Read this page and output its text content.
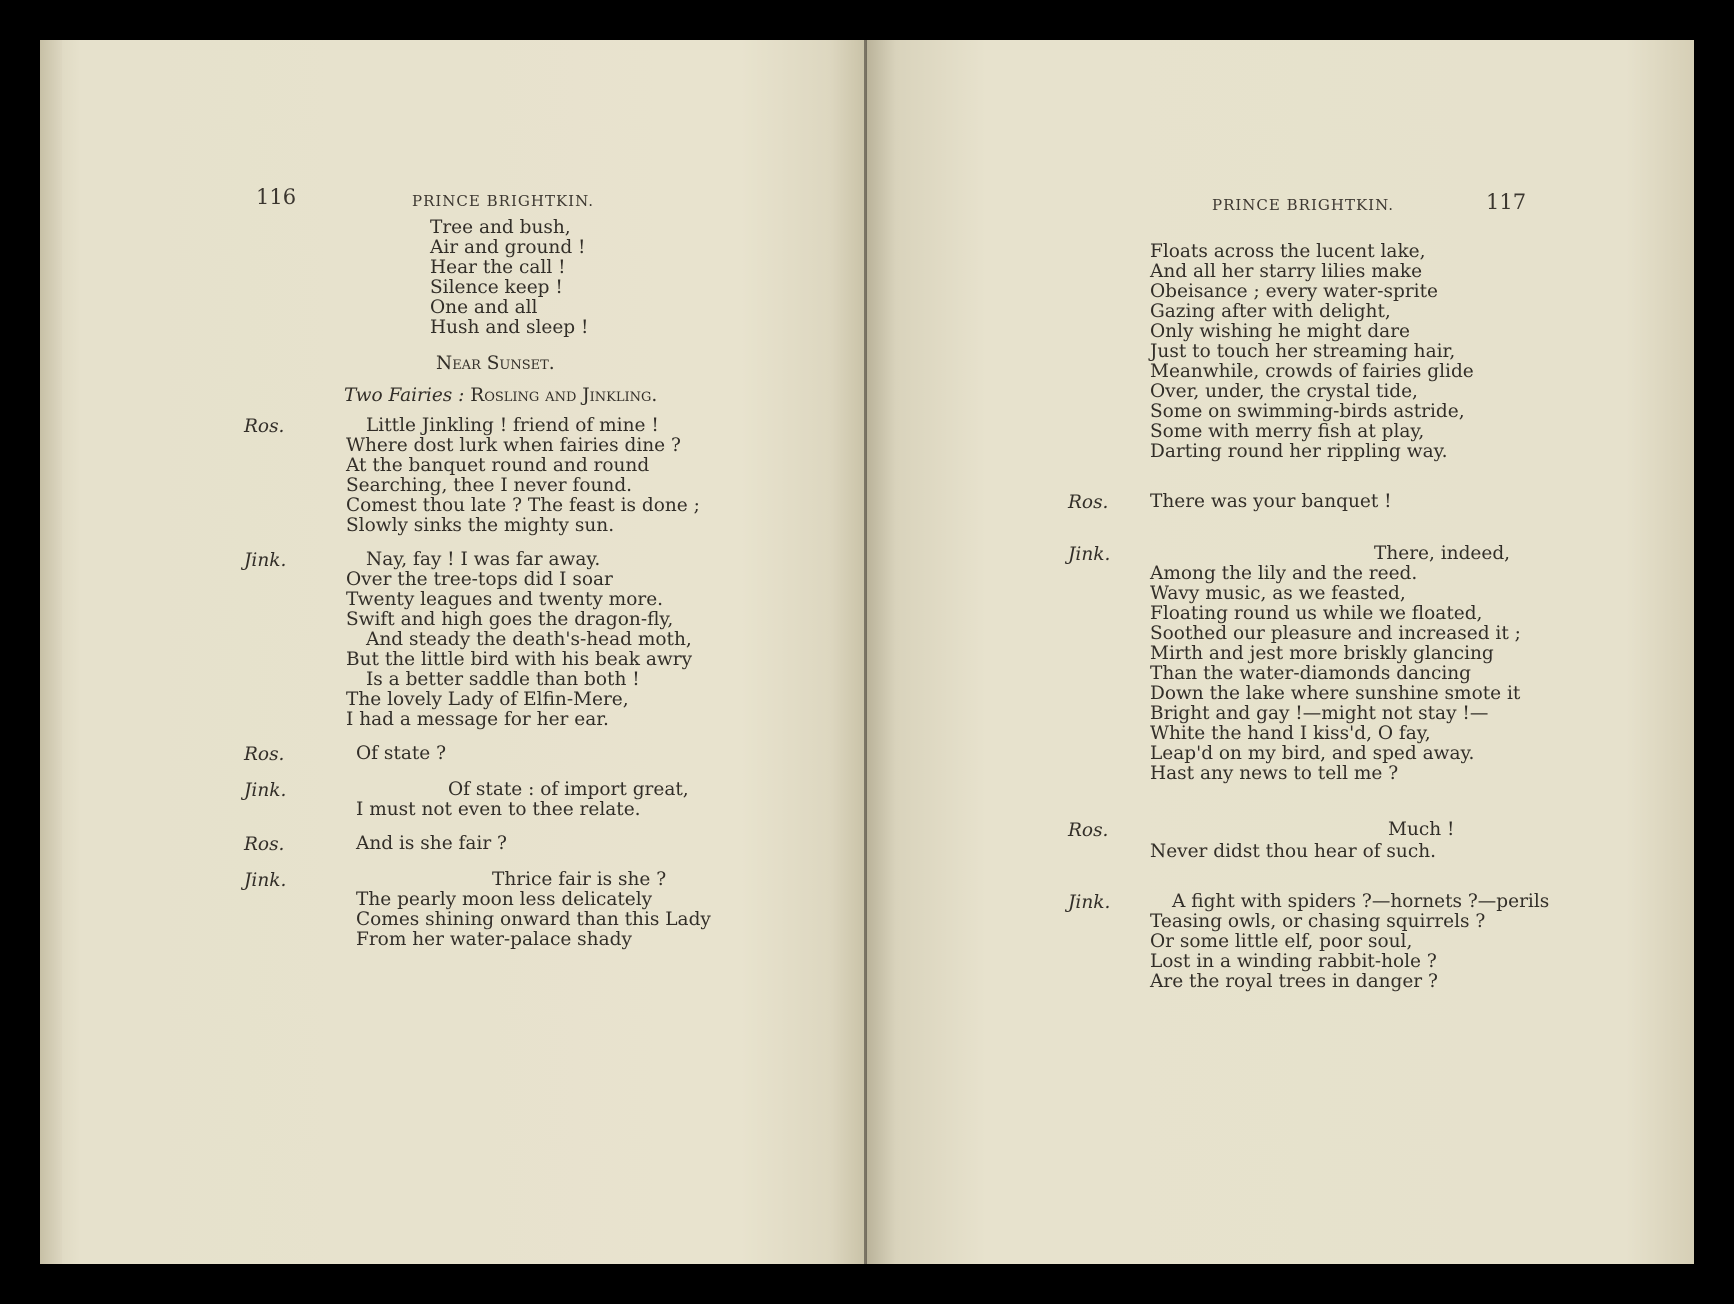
116	PRINCE BRIGHTKIN.
Tree and bush,
Air and ground !
Hear the call !
Silence keep !
One and all
Hush and sleep !
Near Sunset.
Two Fairies : Rosling and Jinkling.
Ros.	Little Jinkling ! friend of mine !
Where dost lurk when fairies dine ?
At the banquet round and round
Searching, thee I never found.
Comest thou late ? The feast is done ;
Slowly sinks the mighty sun.
Jink.	Nay, fay ! I was far away.
Over the tree-tops did I soar
Twenty leagues and twenty more.
Swift and high goes the dragon-fly,
And steady the death's-head moth,
But the little bird with his beak awry
Is a better saddle than both !
The lovely Lady of Elfin-Mere,
I had a message for her ear.
Ros.	Of state ?
Jink.	Of state : of import great,
I must not even to thee relate.
Ros.	And is she fair ?
Jink.	Thrice fair is she ?
The pearly moon less delicately
Comes shining onward than this Lady
From her water-palace shady
PRINCE BRIGHTKIN.	117
Floats across the lucent lake,
And all her starry lilies make
Obeisance ; every water-sprite
Gazing after with delight,
Only wishing he might dare
Just to touch her streaming hair,
Meanwhile, crowds of fairies glide
Over, under, the crystal tide,
Some on swimming-birds astride,
Some with merry fish at play,
Darting round her rippling way.
Ros. There was your banquet !
Jink.	There, indeed,
Among the lily and the reed.
Wavy music, as we feasted,
Floating round us while we floated,
Soothed our pleasure and increased it ;
Mirth and jest more briskly glancing
Than the water-diamonds dancing
Down the lake where sunshine smote it
Bright and gay !—might not stay !—
White the hand I kiss'd, O fay,
Leap'd on my bird, and sped away.
Hast any news to tell me ?
Ros.	Much !
Never didst thou hear of such.
Jink.	A fight with spiders ?—hornets ?—perils
Teasing owls, or chasing squirrels ?
Or some little elf, poor soul,
Lost in a winding rabbit-hole ?
Are the royal trees in danger ?
